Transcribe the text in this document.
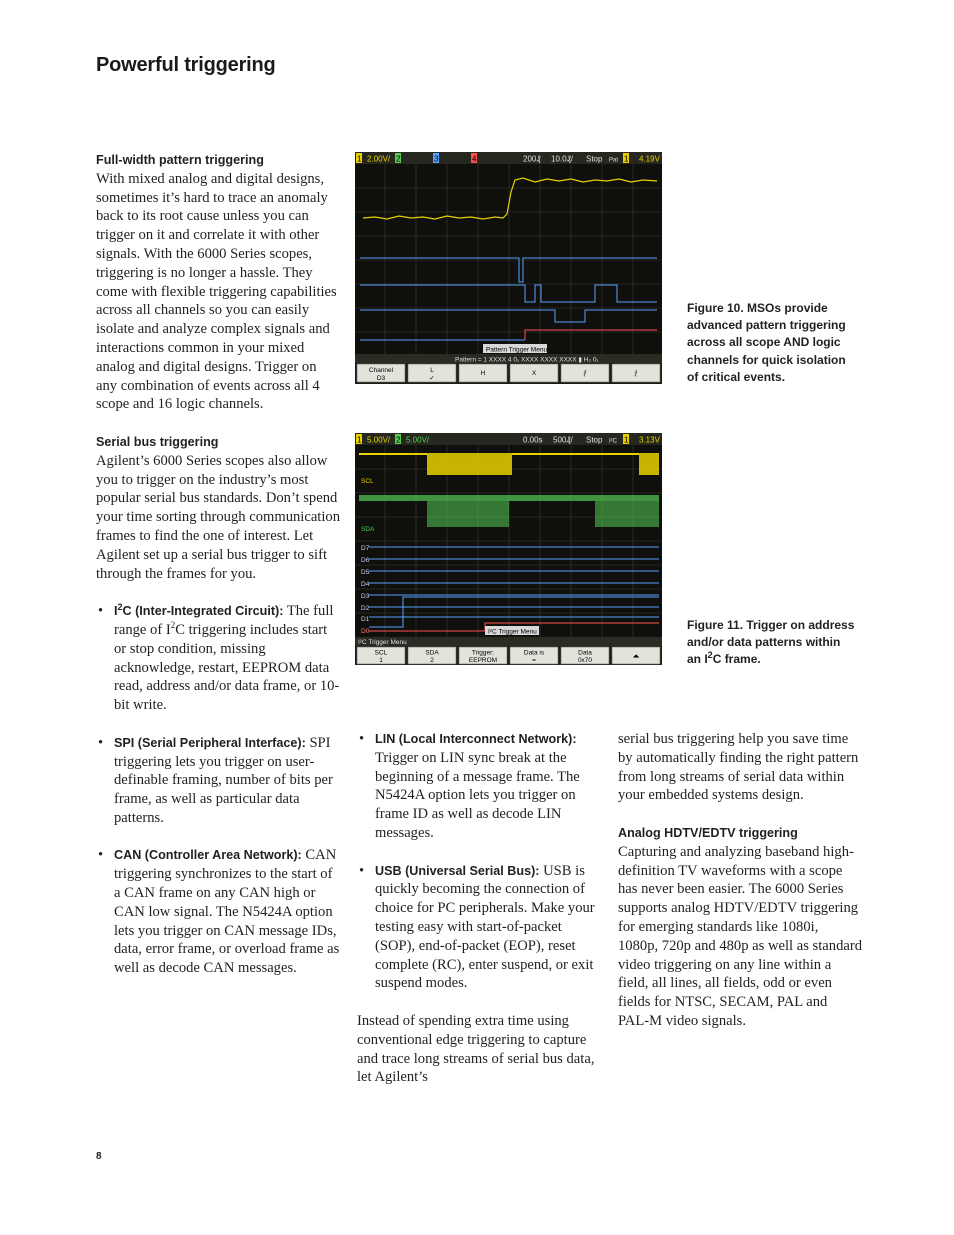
Powerful triggering
Full-width pattern triggering

With mixed analog and digital designs, sometimes it’s hard to trace an anomaly back to its root cause unless you can trigger on it and correlate it with other signals. With the 6000 Series scopes, triggering is no longer a hassle. They come with flexible triggering capabilities across all channels so you can easily isolate and analyze complex signals and interactions common in your mixed analog and digital designs. Trigger on any combination of events across all 4 scope and 16 logic channels.

Serial bus triggering

Agilent’s 6000 Series scopes also allow you to trigger on the industry’s most popular serial bus standards. Don’t spend your time sorting through communication frames to find the one of interest. Let Agilent set up a serial bus trigger to sift through the frames for you.

• $I^2C$ (Inter-Integrated Circuit): The full range of $I^2C$ triggering includes start or stop condition, missing acknowledge, restart, EEPROM data read, address and/or data frame, or 10-bit write.
• SPI (Serial Peripheral Interface): SPI triggering lets you trigger on user-definable framing, number of bits per frame, as well as particular data patterns.
• CAN (Controller Area Network): CAN triggering synchronizes to the start of a CAN frame on any CAN high or CAN low signal. The N5424A option lets you trigger on CAN message IDs, data, error frame, or overload frame as well as decode CAN messages.
• LIN (Local Interconnect Network): Trigger on LIN sync break at the beginning of a message frame. The N5424A option lets you trigger on frame ID as well as decode LIN messages.
• USB (Universal Serial Bus): USB is quickly becoming the connection of choice for PC peripherals. Make your testing easy with start-of-packet (SOP), end-of-packet (EOP), reset complete (RC), enter suspend, or exit suspend modes.

Instead of spending extra time using conventional edge triggering to capture and trace long streams of serial bus data, let Agilent’s

serial bus triggering help you save time by automatically finding the right pattern from long streams of serial data within your embedded systems design.

Analog HDTV/EDTV triggering

Capturing and analyzing baseband high-definition TV waveforms with a scope has never been easier. The 6000 Series supports analog HDTV/EDTV triggering for emerging standards like 1080i, 1080p, 720p and 480p as well as standard video triggering on any line within a field, all lines, all fields, odd or even fields for NTSC, SECAM, PAL and PAL-M video signals.

Figure 10. MSOs provide advanced pattern triggering across all scope AND logic channels for quick isolation of critical events.
Figure 11. Trigger on address and/or data patterns within an $I^2C$ frame.
1 2.00V/ 2	3	4	200₰ 10.0₰/ Stop Pat 1 4.19V
Pattern Trigger Menu
Pattern = 1 XXXX 4 0₁ XXXX XXXX XXXX ▮ H₂ 0₁
Channel
D3
L
✓
H	X	⨍	⨍
1 5.00V/ 2 5.00V/	0.00s 500₰/ Stop I²C 1 3.13V
SCL
SDA
D7
D6
D5
D4
D3
D2
D1
D0	I²C Trigger Menu
I²C Trigger Menu
SCL
1
SDA
2
Trigger:
EEPROM
Data is
=
Data
0x70	⏶
8
